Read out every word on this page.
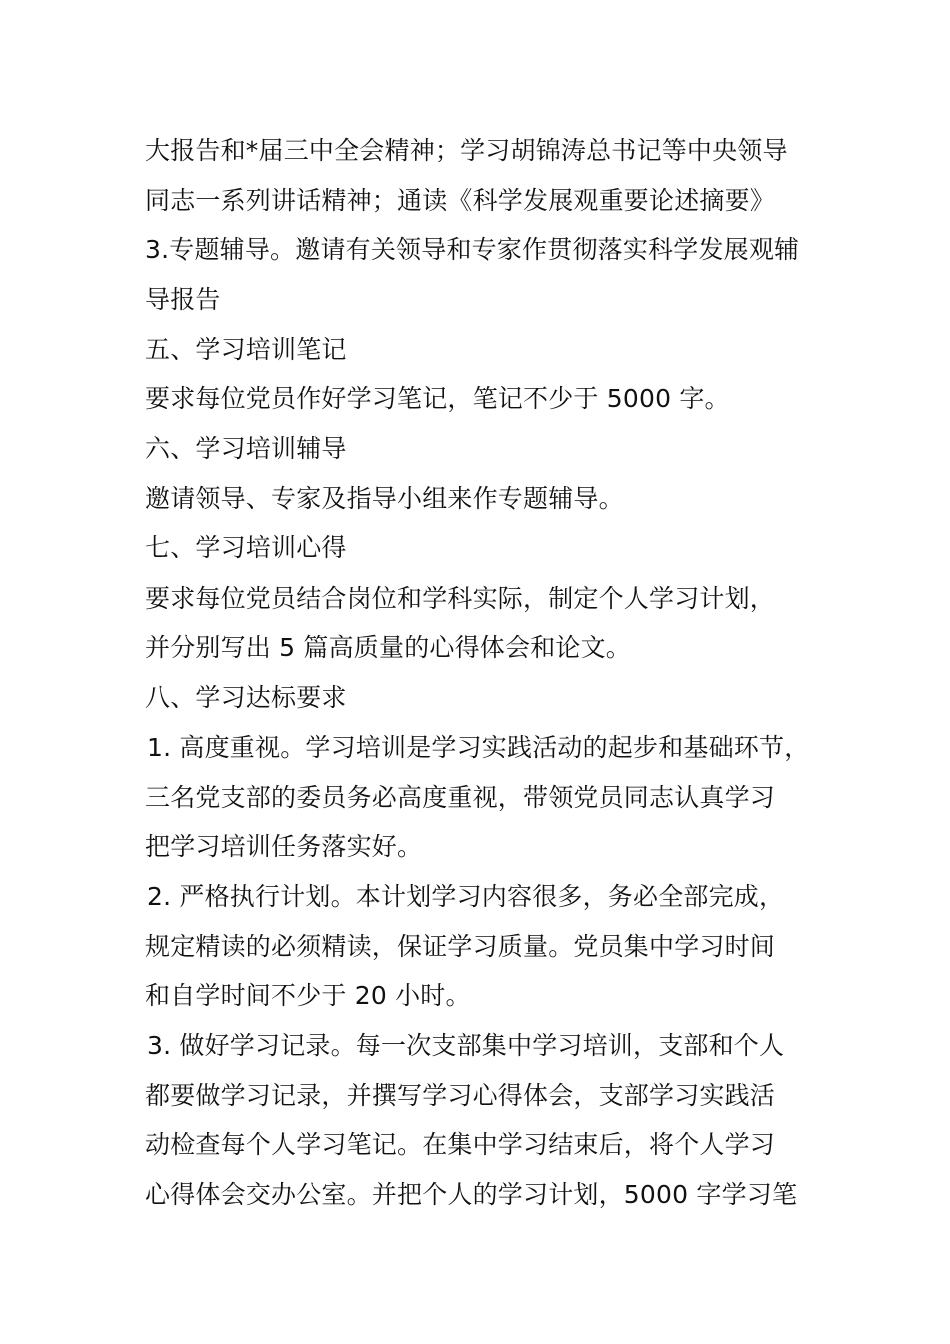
大报告和*届三中全会精神；学习胡锦涛总书记等中央领导
同志一系列讲话精神；通读《科学发展观重要论述摘要》
3.专题辅导。邀请有关领导和专家作贯彻落实科学发展观辅
导报告
五、学习培训笔记
要求每位党员作好学习笔记，笔记不少于 5000 字。
六、学习培训辅导
邀请领导、专家及指导小组来作专题辅导。
七、学习培训心得
要求每位党员结合岗位和学科实际，制定个人学习计划，
并分别写出 5 篇高质量的心得体会和论文。
八、学习达标要求
1. 高度重视。学习培训是学习实践活动的起步和基础环节，
三名党支部的委员务必高度重视，带领党员同志认真学习
把学习培训任务落实好。
2. 严格执行计划。本计划学习内容很多，务必全部完成，
规定精读的必须精读，保证学习质量。党员集中学习时间
和自学时间不少于 20 小时。
3. 做好学习记录。每一次支部集中学习培训，支部和个人
都要做学习记录，并撰写学习心得体会，支部学习实践活
动检查每个人学习笔记。在集中学习结束后，将个人学习
心得体会交办公室。并把个人的学习计划，5000 字学习笔
